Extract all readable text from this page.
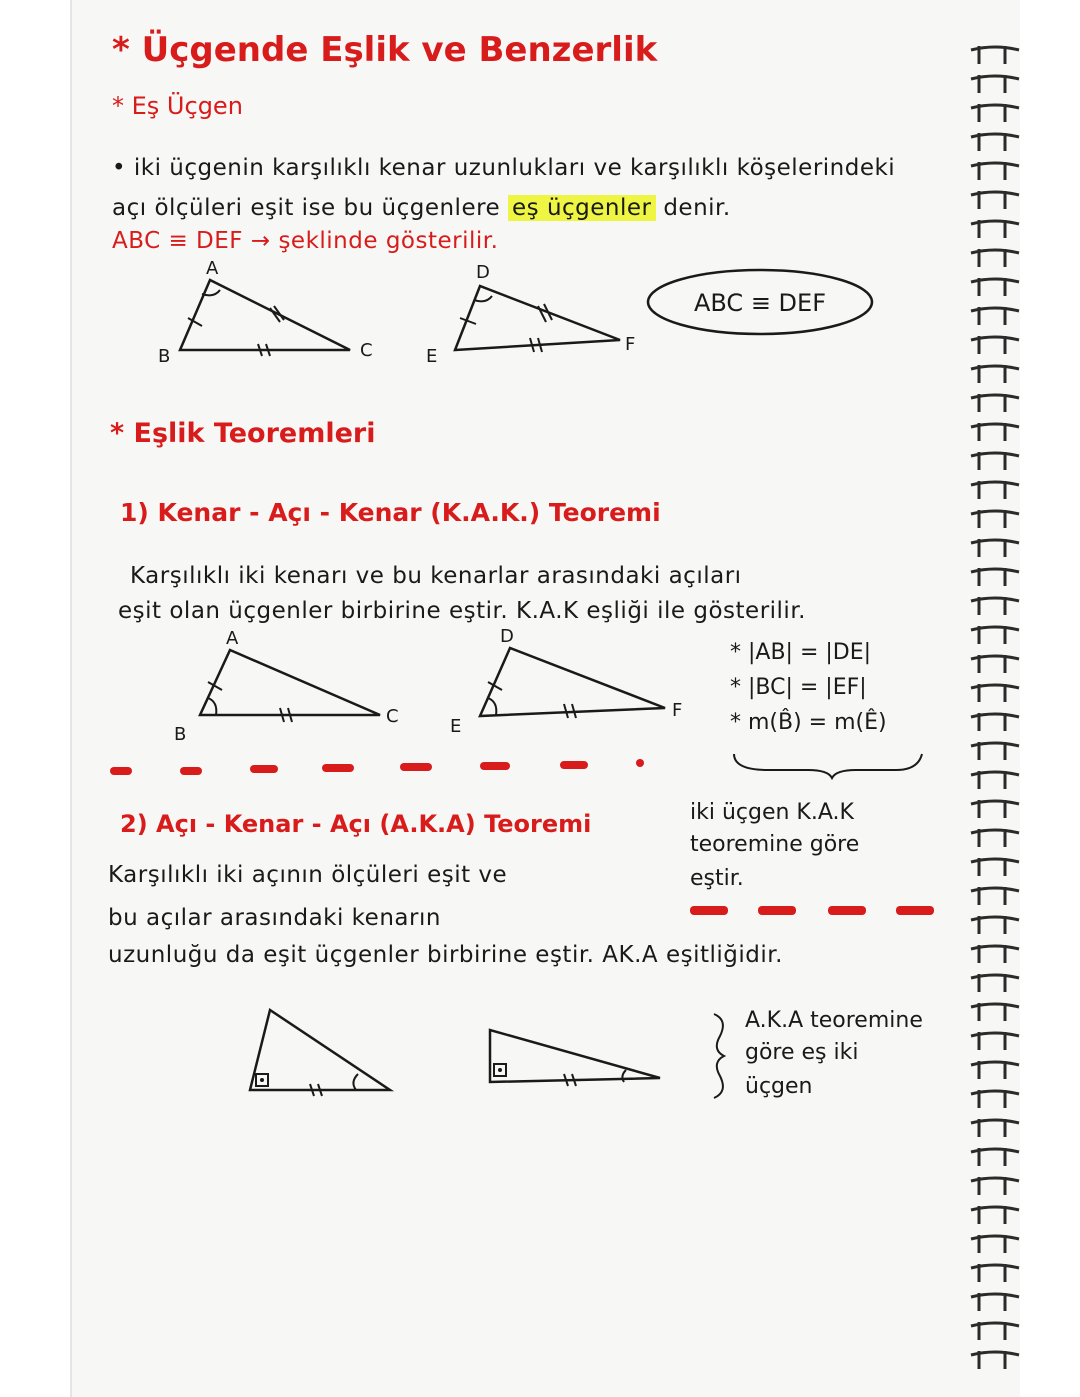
* Üçgende Eşlik ve Benzerlik
* Eş Üçgen
• iki üçgenin karşılıklı kenar uzunlukları ve karşılıklı köşelerindeki
açı ölçüleri eşit ise bu üçgenlere eş üçgenler denir.
ABC ≡ DEF → şeklinde gösterilir.
A
B	C
D
E
F
ABC ≡ DEF
* Eşlik Teoremleri
1) Kenar - Açı - Kenar (K.A.K.) Teoremi
Karşılıklı iki kenarı ve bu kenarlar arasındaki açıları
eşit olan üçgenler birbirine eştir. K.A.K eşliği ile gösterilir.
A
B
C
D
E
F
* |AB| = |DE|
* |BC| = |EF|
* m(B̂) = m(Ê)
2) Açı - Kenar - Açı (A.K.A) Teoremi	iki üçgen K.A.K
teoremine göre
eştir.
Karşılıklı iki açının ölçüleri eşit ve
bu açılar arasındaki kenarın
uzunluğu da eşit üçgenler birbirine eştir. AK.A eşitliğidir.
A.K.A teoremine
göre eş iki
üçgen
